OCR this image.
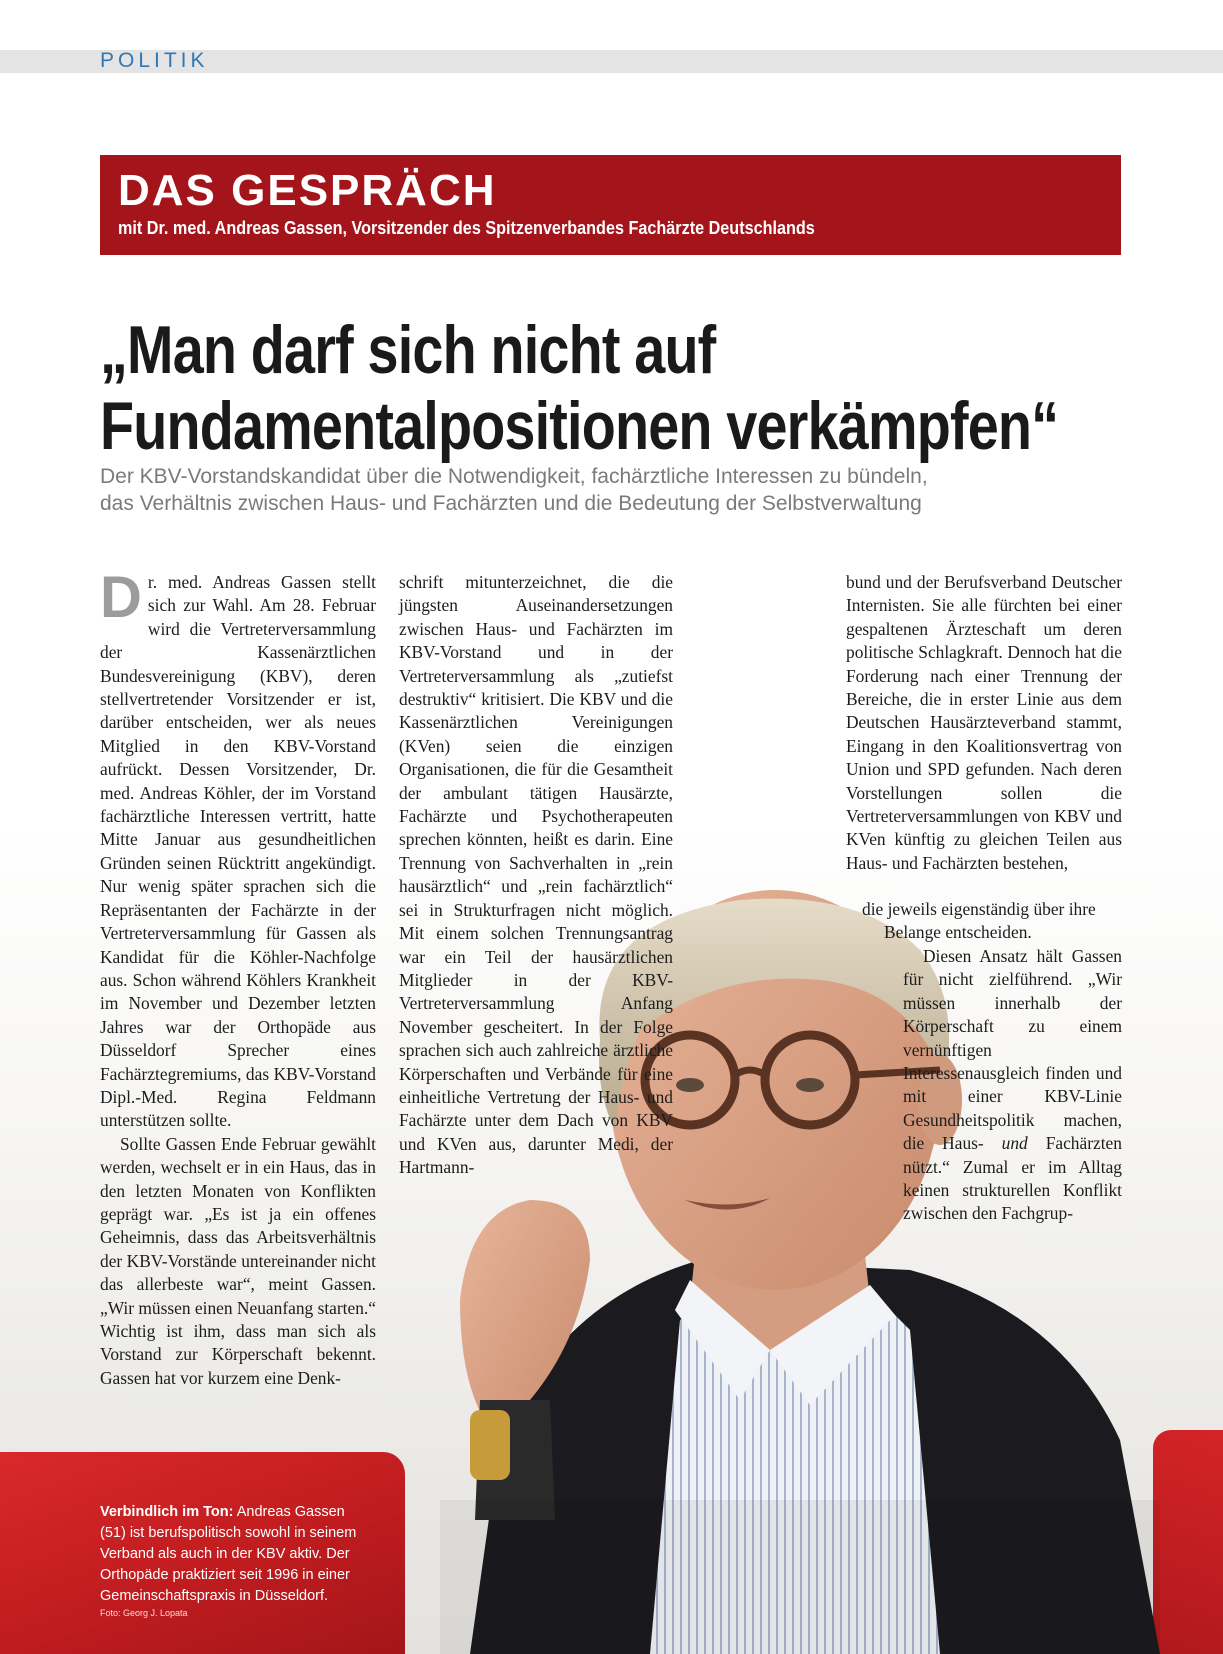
POLITIK
DAS GESPRÄCH
mit Dr. med. Andreas Gassen, Vorsitzender des Spitzenverbandes Fachärzte Deutschlands
„Man darf sich nicht auf
Fundamentalpositionen verkämpfen“
Der KBV-Vorstandskandidat über die Notwendigkeit, fachärztliche Interessen zu bündeln,
das Verhältnis zwischen Haus- und Fachärzten und die Bedeutung der Selbstverwaltung

Dr. med. Andreas Gassen stellt sich zur Wahl. Am 28. Februar wird die Vertreterversammlung der Kassenärztlichen Bundesvereinigung (KBV), deren stellvertretender Vorsitzender er ist, darüber entscheiden, wer als neues Mitglied in den KBV-Vorstand aufrückt. Dessen Vorsitzender, Dr. med. Andreas Köhler, der im Vorstand fachärztliche Interessen vertritt, hatte Mitte Januar aus gesundheitlichen Gründen seinen Rücktritt angekündigt. Nur wenig später sprachen sich die Repräsentanten der Fachärzte in der Vertreterversammlung für Gassen als Kandidat für die Köhler-Nachfolge aus. Schon während Köhlers Krankheit im November und Dezember letzten Jahres war der Orthopäde aus Düsseldorf Sprecher eines Fachärztegremiums, das KBV-Vorstand Dipl.-Med. Regina Feldmann unterstützen sollte.

Sollte Gassen Ende Februar gewählt werden, wechselt er in ein Haus, das in den letzten Monaten von Konflikten geprägt war. „Es ist ja ein offenes Geheimnis, dass das Arbeitsverhältnis der KBV-Vorstände untereinander nicht das allerbeste war“, meint Gassen. „Wir müssen einen Neuanfang starten.“ Wichtig ist ihm, dass man sich als Vorstand zur Körperschaft bekennt. Gassen hat vor kurzem eine Denk-

schrift mitunterzeichnet, die die jüngsten Auseinandersetzungen zwischen Haus- und Fachärzten im KBV-Vorstand und in der Vertreterversammlung als „zutiefst destruktiv“ kritisiert. Die KBV und die Kassenärztlichen Vereinigungen (KVen) seien die einzigen Organisationen, die für die Gesamtheit der ambulant tätigen Hausärzte, Fachärzte und Psychotherapeuten sprechen könnten, heißt es darin. Eine Trennung von Sachverhalten in „rein hausärztlich“ und „rein fachärztlich“ sei in Strukturfragen nicht möglich. Mit einem solchen Trennungsantrag war ein Teil der hausärztlichen Mitglieder in der KBV-Vertreterversammlung Anfang November gescheitert. In der Folge sprachen sich auch zahlreiche ärztliche Körperschaften und Verbände für eine einheitliche Vertretung der Haus- und Fachärzte unter dem Dach von KBV und KVen aus, darunter Medi, der Hartmann-

bund und der Berufsverband Deutscher Internisten. Sie alle fürchten bei einer gespaltenen Ärzteschaft um deren politische Schlagkraft. Dennoch hat die Forderung nach einer Trennung der Bereiche, die in erster Linie aus dem Deutschen Hausärzteverband stammt, Eingang in den Koalitionsvertrag von Union und SPD gefunden. Nach deren Vorstellungen sollen die Vertreterversammlungen von KBV und KVen künftig zu gleichen Teilen aus Haus- und Fachärzten bestehen,

die jeweils eigenständig über ihre
Belange entscheiden.

Diesen Ansatz hält Gassen für nicht zielführend. „Wir müssen innerhalb der Körperschaft zu einem vernünftigen Interessenausgleich finden und mit einer KBV-Linie Gesundheitspolitik machen, die Haus- und Fachärzten nützt.“ Zumal er im Alltag keinen strukturellen Konflikt zwischen den Fachgrup-

Verbindlich im Ton: Andreas Gassen (51) ist berufspolitisch sowohl in seinem Verband als auch in der KBV aktiv. Der Orthopäde praktiziert seit 1996 in einer Gemeinschaftspraxis in Düsseldorf.
Foto: Georg J. Lopata
